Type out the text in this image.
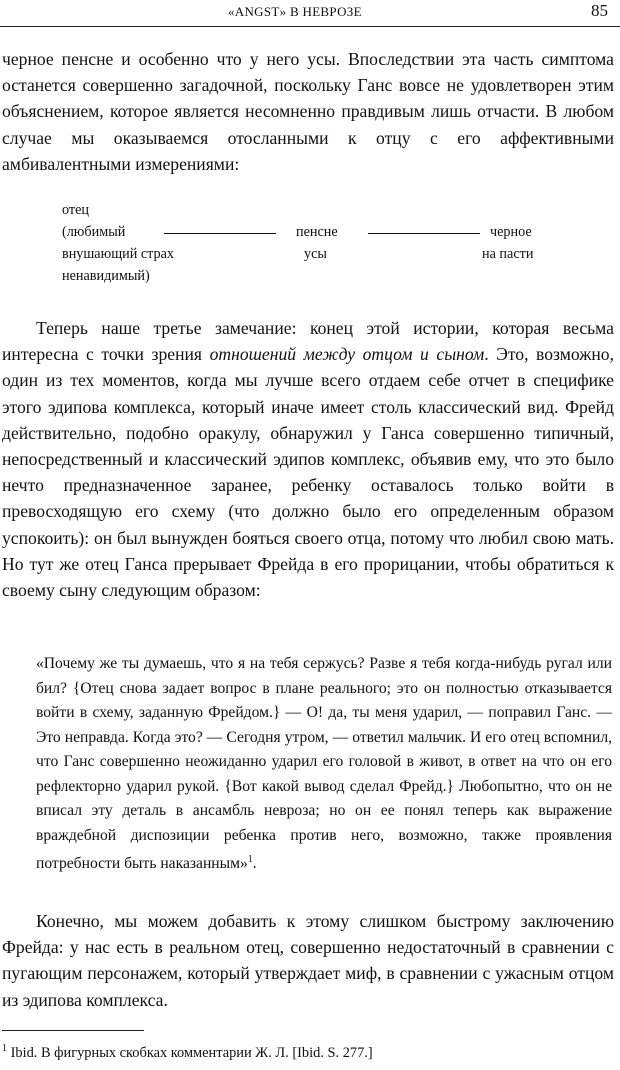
«ANGST» В НЕВРОЗЕ	85

черное пенсне и особенно что у него усы. Впоследствии эта часть симптома останется совершенно загадочной, поскольку Ганс вовсе не удовлетворен этим объяснением, которое является несомненно правдивым лишь отчасти. В любом случае мы оказываемся отосланными к отцу с его аффективными амбивалентными измерениями:

отец
(любимый
внушающий страх
ненавидимый)
пенсне
усы
черное
на пасти

Теперь наше третье замечание: конец этой истории, которая весьма интересна с точки зрения отношений между отцом и сыном. Это, возможно, один из тех моментов, когда мы лучше всего отдаем себе отчет в специфике этого эдипова комплекса, который иначе имеет столь классический вид. Фрейд действительно, подобно оракулу, обнаружил у Ганса совершенно типичный, непосредственный и классический эдипов комплекс, объявив ему, что это было нечто предназначенное заранее, ребенку оставалось только войти в превосходящую его схему (что должно было его определенным образом успокоить): он был вынужден бояться своего отца, потому что любил свою мать. Но тут же отец Ганса прерывает Фрейда в его прорицании, чтобы обратиться к своему сыну следующим образом:

«Почему же ты думаешь, что я на тебя сержусь? Разве я тебя когда-нибудь ругал или бил? {Отец снова задает вопрос в плане реального; это он полностью отказывается войти в схему, заданную Фрейдом.} — О! да, ты меня ударил, — поправил Ганс. — Это неправда. Когда это? — Сегодня утром, — ответил мальчик. И его отец вспомнил, что Ганс совершенно неожиданно ударил его головой в живот, в ответ на что он его рефлекторно ударил рукой. {Вот какой вывод сделал Фрейд.} Любопытно, что он не вписал эту деталь в ансамбль невроза; но он ее понял теперь как выражение враждебной диспозиции ребенка против него, возможно, также проявления потребности быть наказанным»$^1$.

Конечно, мы можем добавить к этому слишком быстрому заключению Фрейда: у нас есть в реальном отец, совершенно недостаточный в сравнении с пугающим персонажем, который утверждает миф, в сравнении с ужасным отцом из эдипова комплекса.

$^1$ Ibid. В фигурных скобках комментарии Ж. Л. [Ibid. S. 277.]
